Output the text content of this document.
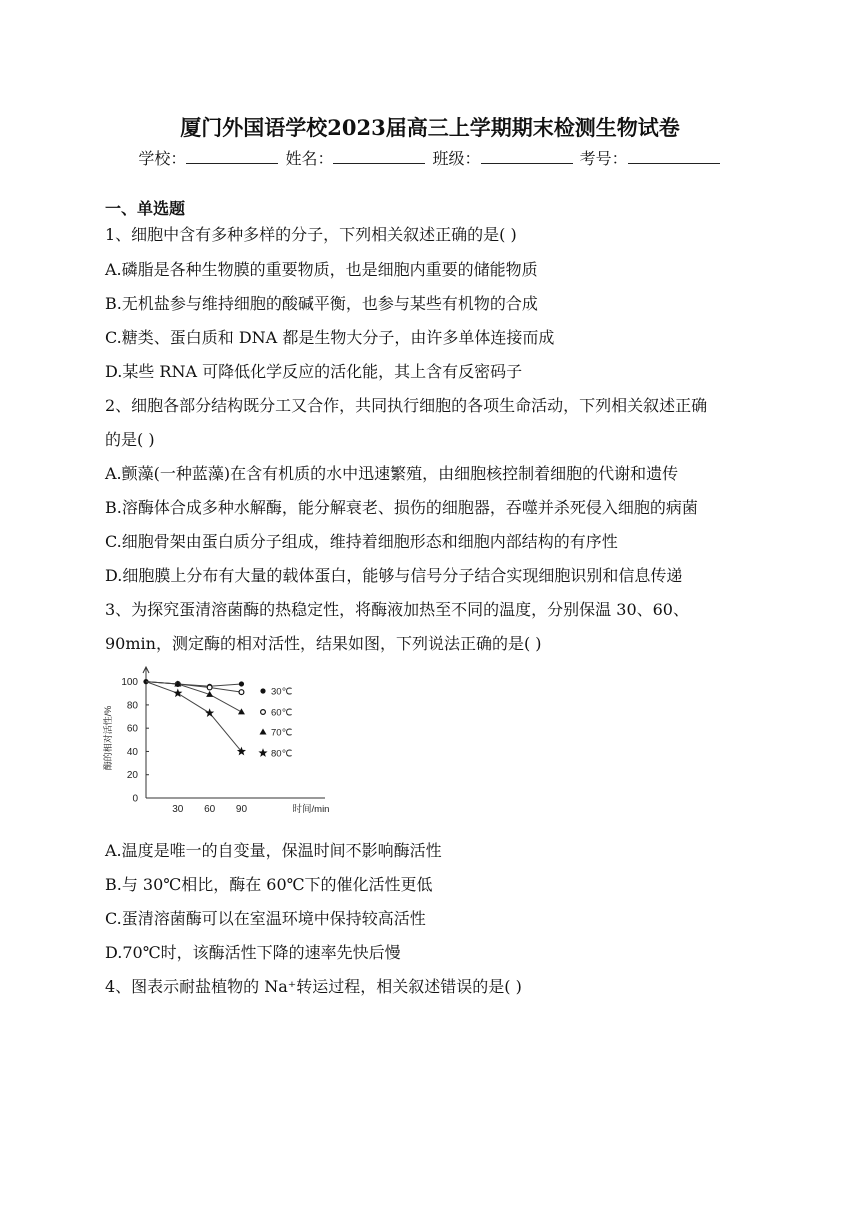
厦门外国语学校2023届高三上学期期末检测生物试卷
学校：	姓名：	班级：	考号：
一、单选题
1、细胞中含有多种多样的分子，下列相关叙述正确的是( )
A.磷脂是各种生物膜的重要物质，也是细胞内重要的储能物质
B.无机盐参与维持细胞的酸碱平衡，也参与某些有机物的合成
C.糖类、蛋白质和 DNA 都是生物大分子，由许多单体连接而成
D.某些 RNA 可降低化学反应的活化能，其上含有反密码子
2、细胞各部分结构既分工又合作，共同执行细胞的各项生命活动，下列相关叙述正确
的是( )
A.颤藻(一种蓝藻)在含有机质的水中迅速繁殖，由细胞核控制着细胞的代谢和遗传
B.溶酶体合成多种水解酶，能分解衰老、损伤的细胞器，吞噬并杀死侵入细胞的病菌
C.细胞骨架由蛋白质分子组成，维持着细胞形态和细胞内部结构的有序性
D.细胞膜上分布有大量的载体蛋白，能够与信号分子结合实现细胞识别和信息传递
3、为探究蛋清溶菌酶的热稳定性，将酶液加热至不同的温度，分别保温 30、60、
90min，测定酶的相对活性，结果如图，下列说法正确的是( )
0
20
40
60
80
100
30 60 90	时间/min
酶的相对活性/%
30℃
60℃
70℃
80℃
A.温度是唯一的自变量，保温时间不影响酶活性
B.与 30℃相比，酶在 60℃下的催化活性更低
C.蛋清溶菌酶可以在室温环境中保持较高活性
D.70℃时，该酶活性下降的速率先快后慢
4、图表示耐盐植物的 Na⁺转运过程，相关叙述错误的是( )
